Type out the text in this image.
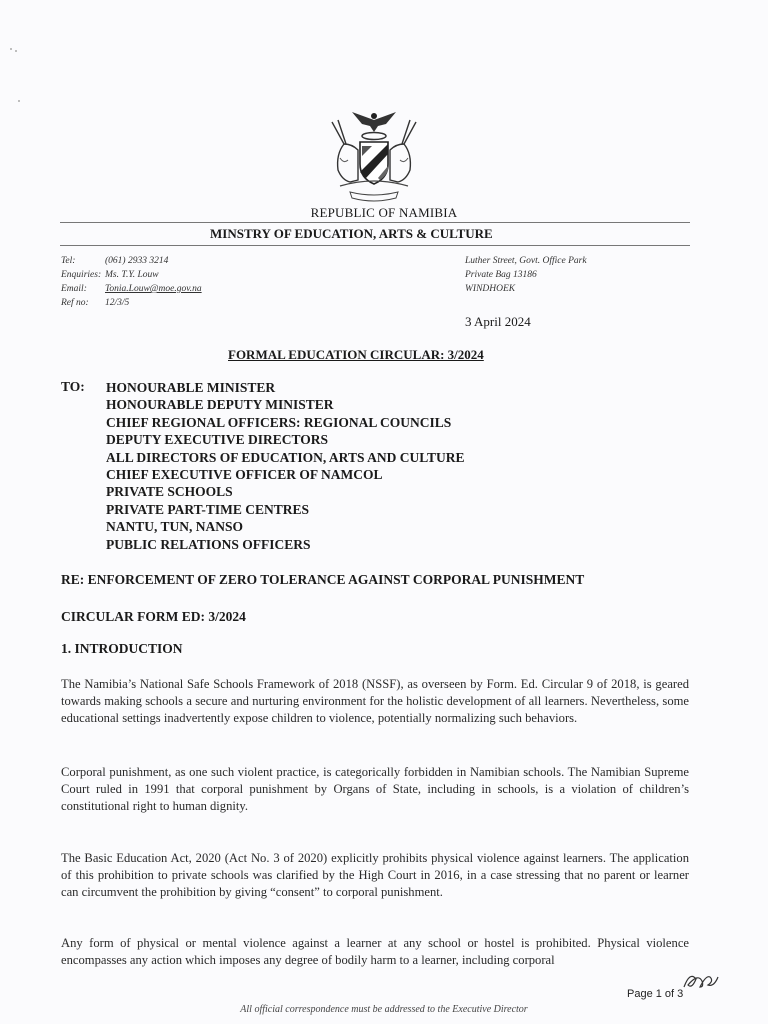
REPUBLIC OF NAMIBIA
MINSTRY OF EDUCATION, ARTS & CULTURE
Tel:	(061) 2933 3214
Enquiries: Ms. T.Y. Louw
Email:	Tonia.Louw@moe.gov.na
Ref no:	12/3/5
Luther Street, Govt. Office Park
Private Bag 13186
WINDHOEK
3 April 2024
FORMAL EDUCATION CIRCULAR: 3/2024
TO: HONOURABLE MINISTER
HONOURABLE DEPUTY MINISTER
CHIEF REGIONAL OFFICERS: REGIONAL COUNCILS
DEPUTY EXECUTIVE DIRECTORS
ALL DIRECTORS OF EDUCATION, ARTS AND CULTURE
CHIEF EXECUTIVE OFFICER OF NAMCOL
PRIVATE SCHOOLS
PRIVATE PART-TIME CENTRES
NANTU, TUN, NANSO
PUBLIC RELATIONS OFFICERS
RE: ENFORCEMENT OF ZERO TOLERANCE AGAINST CORPORAL PUNISHMENT
CIRCULAR FORM ED: 3/2024
1. INTRODUCTION

The Namibia’s National Safe Schools Framework of 2018 (NSSF), as overseen by Form. Ed. Circular 9 of 2018, is geared towards making schools a secure and nurturing environment for the holistic development of all learners. Nevertheless, some educational settings inadvertently expose children to violence, potentially normalizing such behaviors.

Corporal punishment, as one such violent practice, is categorically forbidden in Namibian schools. The Namibian Supreme Court ruled in 1991 that corporal punishment by Organs of State, including in schools, is a violation of children’s constitutional right to human dignity.

The Basic Education Act, 2020 (Act No. 3 of 2020) explicitly prohibits physical violence against learners. The application of this prohibition to private schools was clarified by the High Court in 2016, in a case stressing that no parent or learner can circumvent the prohibition by giving “consent” to corporal punishment.

Any form of physical or mental violence against a learner at any school or hostel is prohibited. Physical violence encompasses any action which imposes any degree of bodily harm to a learner, including corporal

Page 1 of 3
All official correspondence must be addressed to the Executive Director
